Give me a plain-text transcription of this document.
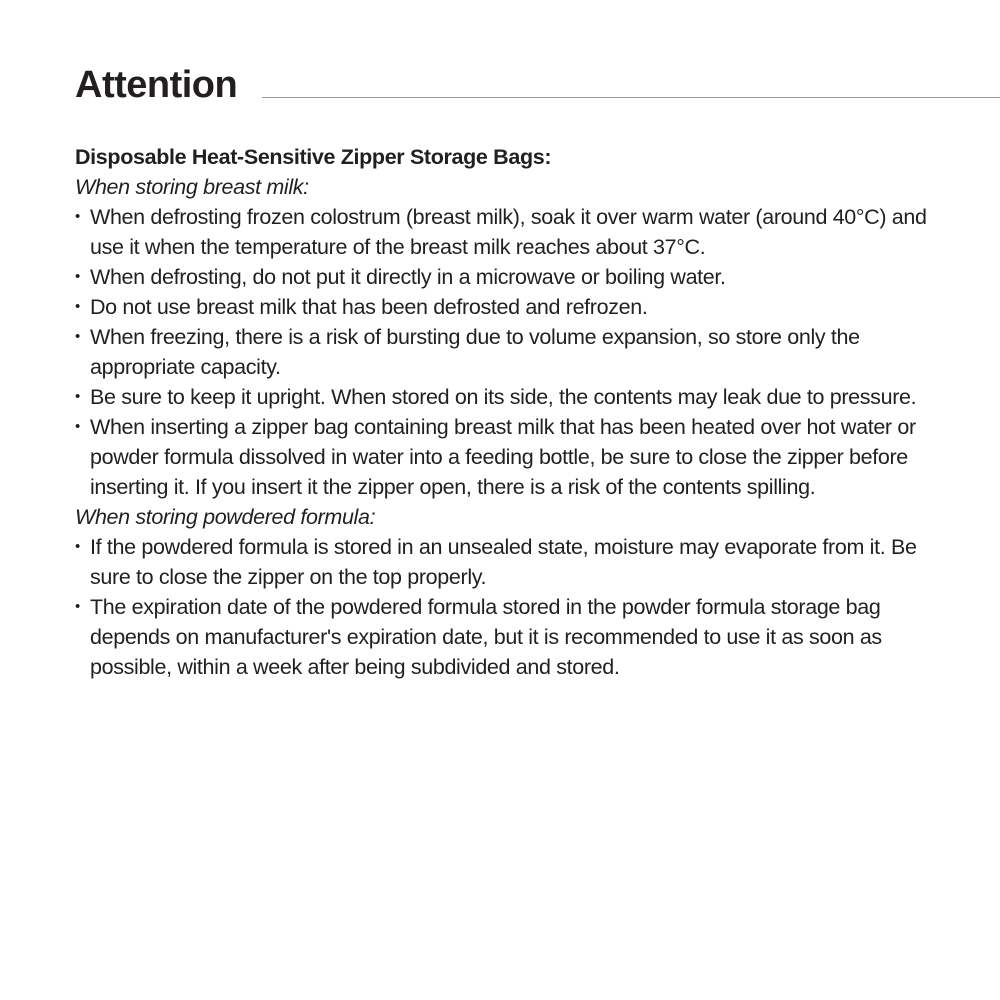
Attention

Disposable Heat-Sensitive Zipper Storage Bags:

When storing breast milk:

• When defrosting frozen colostrum (breast milk), soak it over warm water (around 40°C) and use it when the temperature of the breast milk reaches about 37°C.
• When defrosting, do not put it directly in a microwave or boiling water.
• Do not use breast milk that has been defrosted and refrozen.
• When freezing, there is a risk of bursting due to volume expansion, so store only the appropriate capacity.
• Be sure to keep it upright. When stored on its side, the contents may leak due to pressure.
• When inserting a zipper bag containing breast milk that has been heated over hot water or powder formula dissolved in water into a feeding bottle, be sure to close the zipper before inserting it. If you insert it the zipper open, there is a risk of the contents spilling.

When storing powdered formula:

• If the powdered formula is stored in an unsealed state, moisture may evaporate from it. Be sure to close the zipper on the top properly.
• The expiration date of the powdered formula stored in the powder formula storage bag depends on manufacturer's expiration date, but it is recommended to use it as soon as possible, within a week after being subdivided and stored.
